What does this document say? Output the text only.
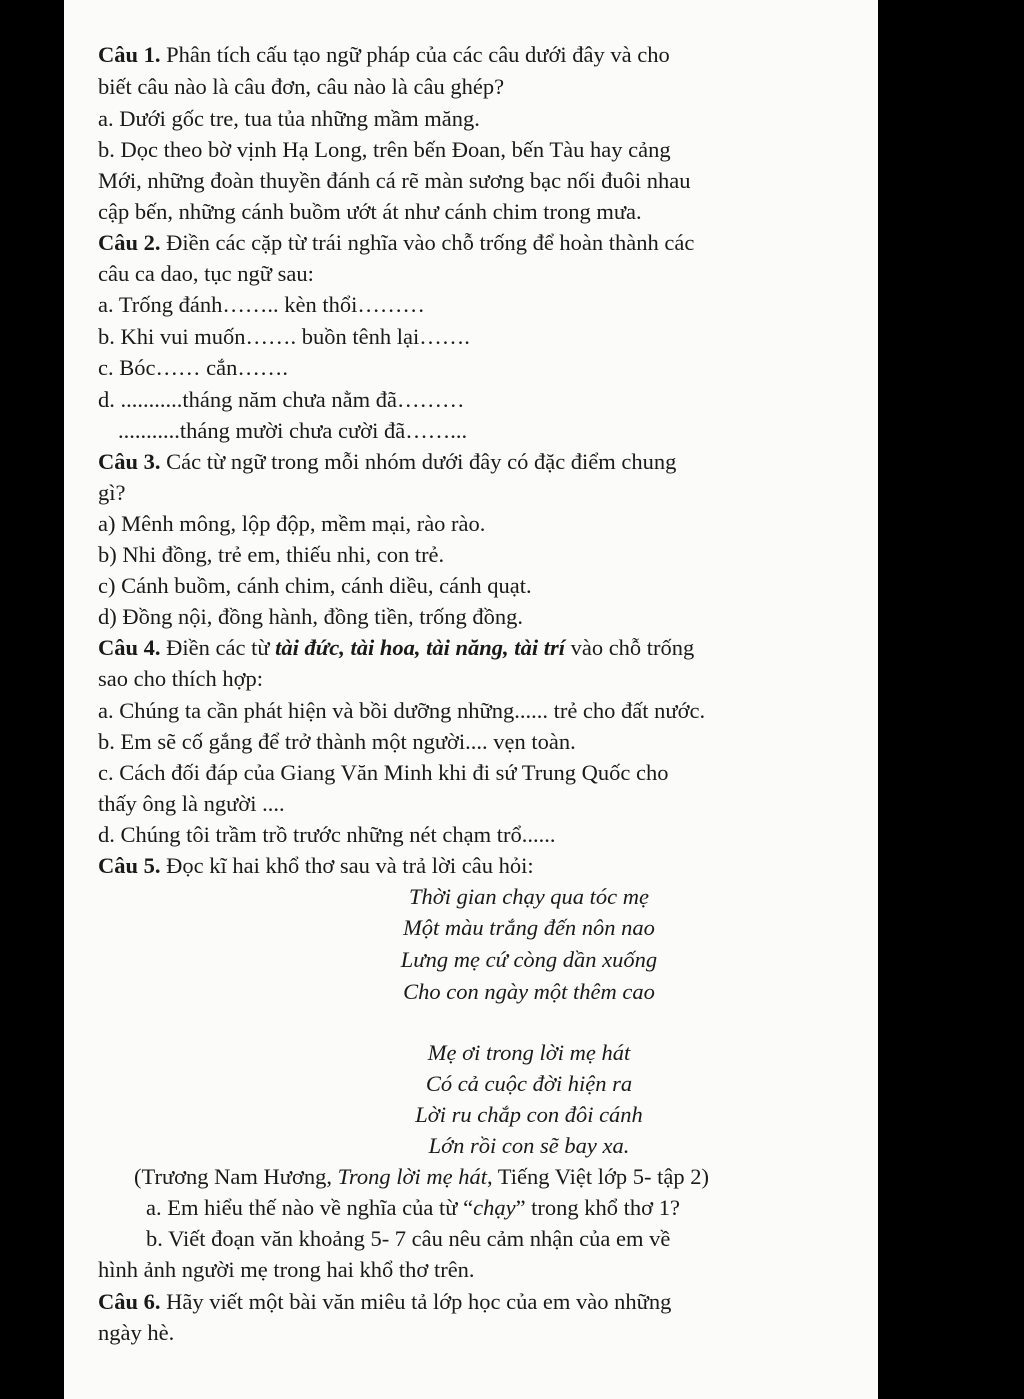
Câu 1. Phân tích cấu tạo ngữ pháp của các câu dưới đây và cho
biết câu nào là câu đơn, câu nào là câu ghép?
a. Dưới gốc tre, tua tủa những mầm măng.
b. Dọc theo bờ vịnh Hạ Long, trên bến Đoan, bến Tàu hay cảng
Mới, những đoàn thuyền đánh cá rẽ màn sương bạc nối đuôi nhau
cập bến, những cánh buồm ướt át như cánh chim trong mưa.
Câu 2. Điền các cặp từ trái nghĩa vào chỗ trống để hoàn thành các
câu ca dao, tục ngữ sau:
a. Trống đánh…….. kèn thổi………
b. Khi vui muốn……. buồn tênh lại…….
c. Bóc…… cắn…….
d. ...........tháng năm chưa nằm đã………
...........tháng mười chưa cười đã……...
Câu 3. Các từ ngữ trong mỗi nhóm dưới đây có đặc điểm chung
gì?
a) Mênh mông, lộp độp, mềm mại, rào rào.
b) Nhi đồng, trẻ em, thiếu nhi, con trẻ.
c) Cánh buồm, cánh chim, cánh diều, cánh quạt.
d) Đồng nội, đồng hành, đồng tiền, trống đồng.
Câu 4. Điền các từ tài đức, tài hoa, tài năng, tài trí vào chỗ trống
sao cho thích hợp:
a. Chúng ta cần phát hiện và bồi dưỡng những...... trẻ cho đất nước.
b. Em sẽ cố gắng để trở thành một người.... vẹn toàn.
c. Cách đối đáp của Giang Văn Minh khi đi sứ Trung Quốc cho
thấy ông là người ....
d. Chúng tôi trầm trồ trước những nét chạm trổ......
Câu 5. Đọc kĩ hai khổ thơ sau và trả lời câu hỏi:
Thời gian chạy qua tóc mẹ
Một màu trắng đến nôn nao
Lưng mẹ cứ còng dần xuống
Cho con ngày một thêm cao
Mẹ ơi trong lời mẹ hát
Có cả cuộc đời hiện ra
Lời ru chắp con đôi cánh
Lớn rồi con sẽ bay xa.
(Trương Nam Hương, Trong lời mẹ hát, Tiếng Việt lớp 5- tập 2)
a. Em hiểu thế nào về nghĩa của từ “chạy” trong khổ thơ 1?
b. Viết đoạn văn khoảng 5- 7 câu nêu cảm nhận của em về
hình ảnh người mẹ trong hai khổ thơ trên.
Câu 6. Hãy viết một bài văn miêu tả lớp học của em vào những
ngày hè.
